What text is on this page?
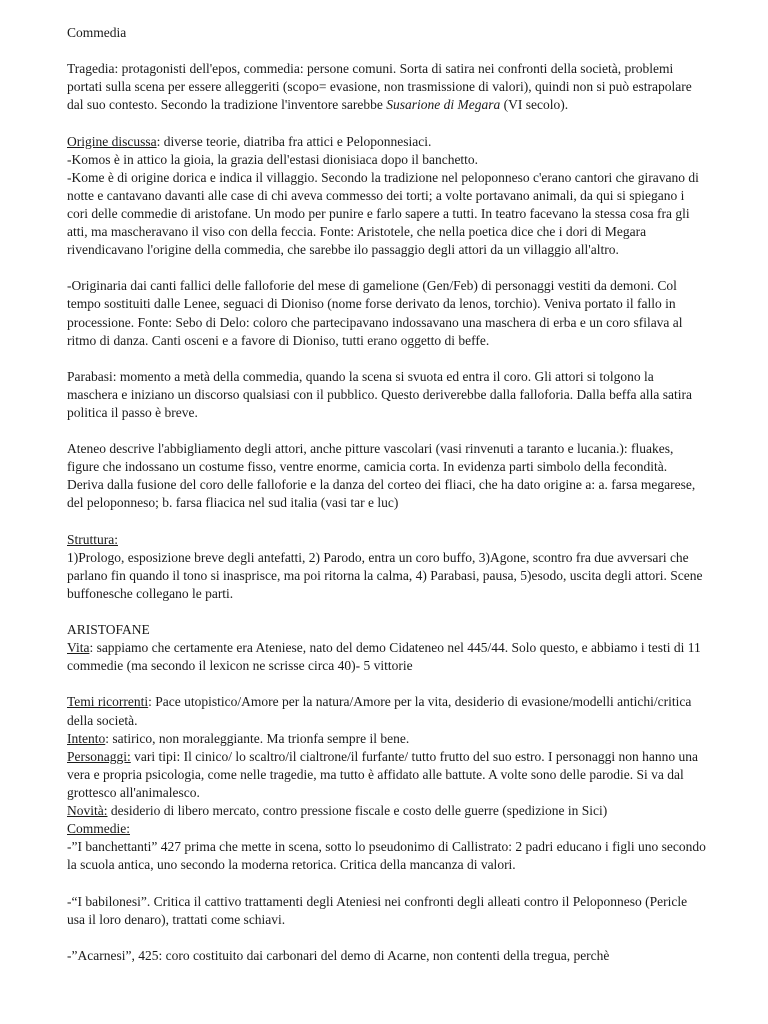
Commedia

Tragedia: protagonisti dell'epos, commedia: persone comuni. Sorta di satira nei confronti della società, problemi portati sulla scena per essere alleggeriti (scopo= evasione, non trasmissione di valori), quindi non si può estrapolare dal suo contesto. Secondo la tradizione l'inventore sarebbe Susarione di Megara (VI secolo).

Origine discussa: diverse teorie, diatriba fra attici e Peloponnesiaci.
-Komos è in attico la gioia, la grazia dell'estasi dionisiaca dopo il banchetto.
-Kome è di origine dorica e indica il villaggio. Secondo la tradizione nel peloponneso c'erano cantori che giravano di notte e cantavano davanti alle case di chi aveva commesso dei torti; a volte portavano animali, da qui si spiegano i cori delle commedie di aristofane. Un modo per punire e farlo sapere a tutti. In teatro facevano la stessa cosa fra gli atti, ma mascheravano il viso con della feccia. Fonte: Aristotele, che nella poetica dice che i dori di Megara rivendicavano l'origine della commedia, che sarebbe ilo passaggio degli attori da un villaggio all'altro.

-Originaria dai canti fallici delle falloforie del mese di gamelione (Gen/Feb) di personaggi vestiti da demoni. Col tempo sostituiti dalle Lenee, seguaci di Dioniso (nome forse derivato da lenos, torchio). Veniva portato il fallo in processione. Fonte: Sebo di Delo: coloro che partecipavano indossavano una maschera di erba e un coro sfilava al ritmo di danza. Canti osceni e a favore di Dioniso, tutti erano oggetto di beffe.

Parabasi: momento a metà della commedia, quando la scena si svuota ed entra il coro. Gli attori si tolgono la maschera e iniziano un discorso qualsiasi con il pubblico. Questo deriverebbe dalla falloforia. Dalla beffa alla satira politica il passo è breve.

Ateneo descrive l'abbigliamento degli attori, anche pitture vascolari (vasi rinvenuti a taranto e lucania.): fluakes, figure che indossano un costume fisso, ventre enorme, camicia corta. In evidenza parti simbolo della fecondità. Deriva dalla fusione del coro delle falloforie e la danza del corteo dei fliaci, che ha dato origine a: a. farsa megarese, del peloponneso; b. farsa fliacica nel sud italia (vasi tar e luc)

Struttura:
1)Prologo, esposizione breve degli antefatti, 2) Parodo, entra un coro buffo, 3)Agone, scontro fra due avversari che parlano fin quando il tono si inasprisce, ma poi ritorna la calma, 4) Parabasi, pausa, 5)esodo, uscita degli attori. Scene buffonesche collegano le parti.

ARISTOFANE
Vita: sappiamo che certamente era Ateniese, nato del demo Cidateneo nel 445/44. Solo questo, e abbiamo i testi di 11 commedie (ma secondo il lexicon ne scrisse circa 40)- 5 vittorie

Temi ricorrenti: Pace utopistico/Amore per la natura/Amore per la vita, desiderio di evasione/modelli antichi/critica della società.
Intento: satirico, non moraleggiante. Ma trionfa sempre il bene.
Personaggi: vari tipi: Il cinico/ lo scaltro/il cialtrone/il furfante/ tutto frutto del suo estro. I personaggi non hanno una vera e propria psicologia, come nelle tragedie, ma tutto è affidato alle battute. A volte sono delle parodie. Si va dal grottesco all'animalesco.
Novità: desiderio di libero mercato, contro pressione fiscale e costo delle guerre (spedizione in Sici)
Commedie:
-”I banchettanti” 427 prima che mette in scena, sotto lo pseudonimo di Callistrato: 2 padri educano i figli uno secondo la scuola antica, uno secondo la moderna retorica. Critica della mancanza di valori.

-“I babilonesi”. Critica il cattivo trattamenti degli Ateniesi nei confronti degli alleati contro il Peloponneso (Pericle usa il loro denaro), trattati come schiavi.

-”Acarnesi”, 425: coro costituito dai carbonari del demo di Acarne, non contenti della tregua, perchè
